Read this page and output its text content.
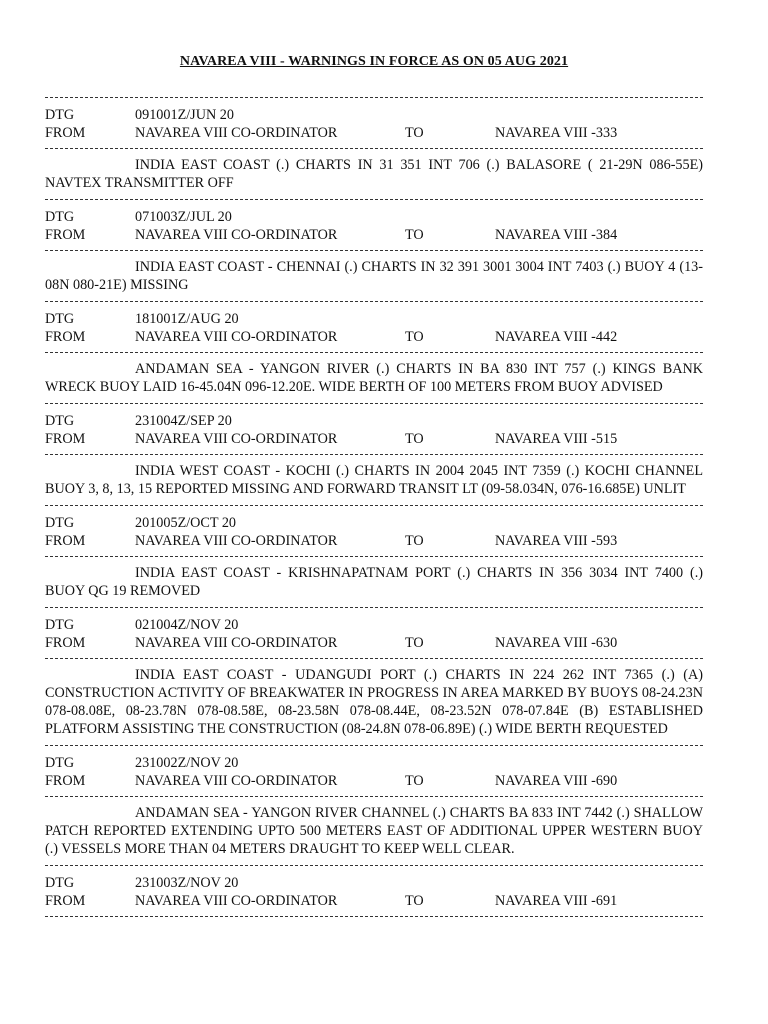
NAVAREA VIII - WARNINGS IN FORCE AS ON 05 AUG 2021
DTG	091001Z/JUN 20
FROM	NAVAREA VIII CO-ORDINATOR	TO	NAVAREA VIII -333
INDIA EAST COAST (.) CHARTS IN 31 351 INT 706 (.) BALASORE ( 21-29N 086-55E) NAVTEX TRANSMITTER OFF
DTG	071003Z/JUL 20
FROM	NAVAREA VIII CO-ORDINATOR	TO	NAVAREA VIII -384
INDIA EAST COAST - CHENNAI (.) CHARTS IN 32 391 3001 3004 INT 7403 (.) BUOY 4 (13-08N 080-21E) MISSING
DTG	181001Z/AUG 20
FROM	NAVAREA VIII CO-ORDINATOR	TO	NAVAREA VIII -442
ANDAMAN SEA - YANGON RIVER (.) CHARTS IN BA 830 INT 757 (.) KINGS BANK WRECK BUOY LAID 16-45.04N 096-12.20E. WIDE BERTH OF 100 METERS FROM BUOY ADVISED
DTG	231004Z/SEP 20
FROM	NAVAREA VIII CO-ORDINATOR	TO	NAVAREA VIII -515
INDIA WEST COAST - KOCHI (.) CHARTS IN 2004 2045 INT 7359 (.) KOCHI CHANNEL BUOY 3, 8, 13, 15 REPORTED MISSING AND FORWARD TRANSIT LT (09-58.034N, 076-16.685E) UNLIT
DTG	201005Z/OCT 20
FROM	NAVAREA VIII CO-ORDINATOR	TO	NAVAREA VIII -593
INDIA EAST COAST - KRISHNAPATNAM PORT (.) CHARTS IN 356 3034 INT 7400 (.) BUOY QG 19 REMOVED
DTG	021004Z/NOV 20
FROM	NAVAREA VIII CO-ORDINATOR	TO	NAVAREA VIII -630
INDIA EAST COAST - UDANGUDI PORT (.) CHARTS IN 224 262 INT 7365 (.) (A) CONSTRUCTION ACTIVITY OF BREAKWATER IN PROGRESS IN AREA MARKED BY BUOYS 08-24.23N 078-08.08E, 08-23.78N 078-08.58E, 08-23.58N 078-08.44E, 08-23.52N 078-07.84E (B) ESTABLISHED PLATFORM ASSISTING THE CONSTRUCTION (08-24.8N 078-06.89E) (.) WIDE BERTH REQUESTED
DTG	231002Z/NOV 20
FROM	NAVAREA VIII CO-ORDINATOR	TO	NAVAREA VIII -690
ANDAMAN SEA - YANGON RIVER CHANNEL (.) CHARTS BA 833 INT 7442 (.) SHALLOW PATCH REPORTED EXTENDING UPTO 500 METERS EAST OF ADDITIONAL UPPER WESTERN BUOY (.) VESSELS MORE THAN 04 METERS DRAUGHT TO KEEP WELL CLEAR.
DTG	231003Z/NOV 20
FROM	NAVAREA VIII CO-ORDINATOR	TO	NAVAREA VIII -691
